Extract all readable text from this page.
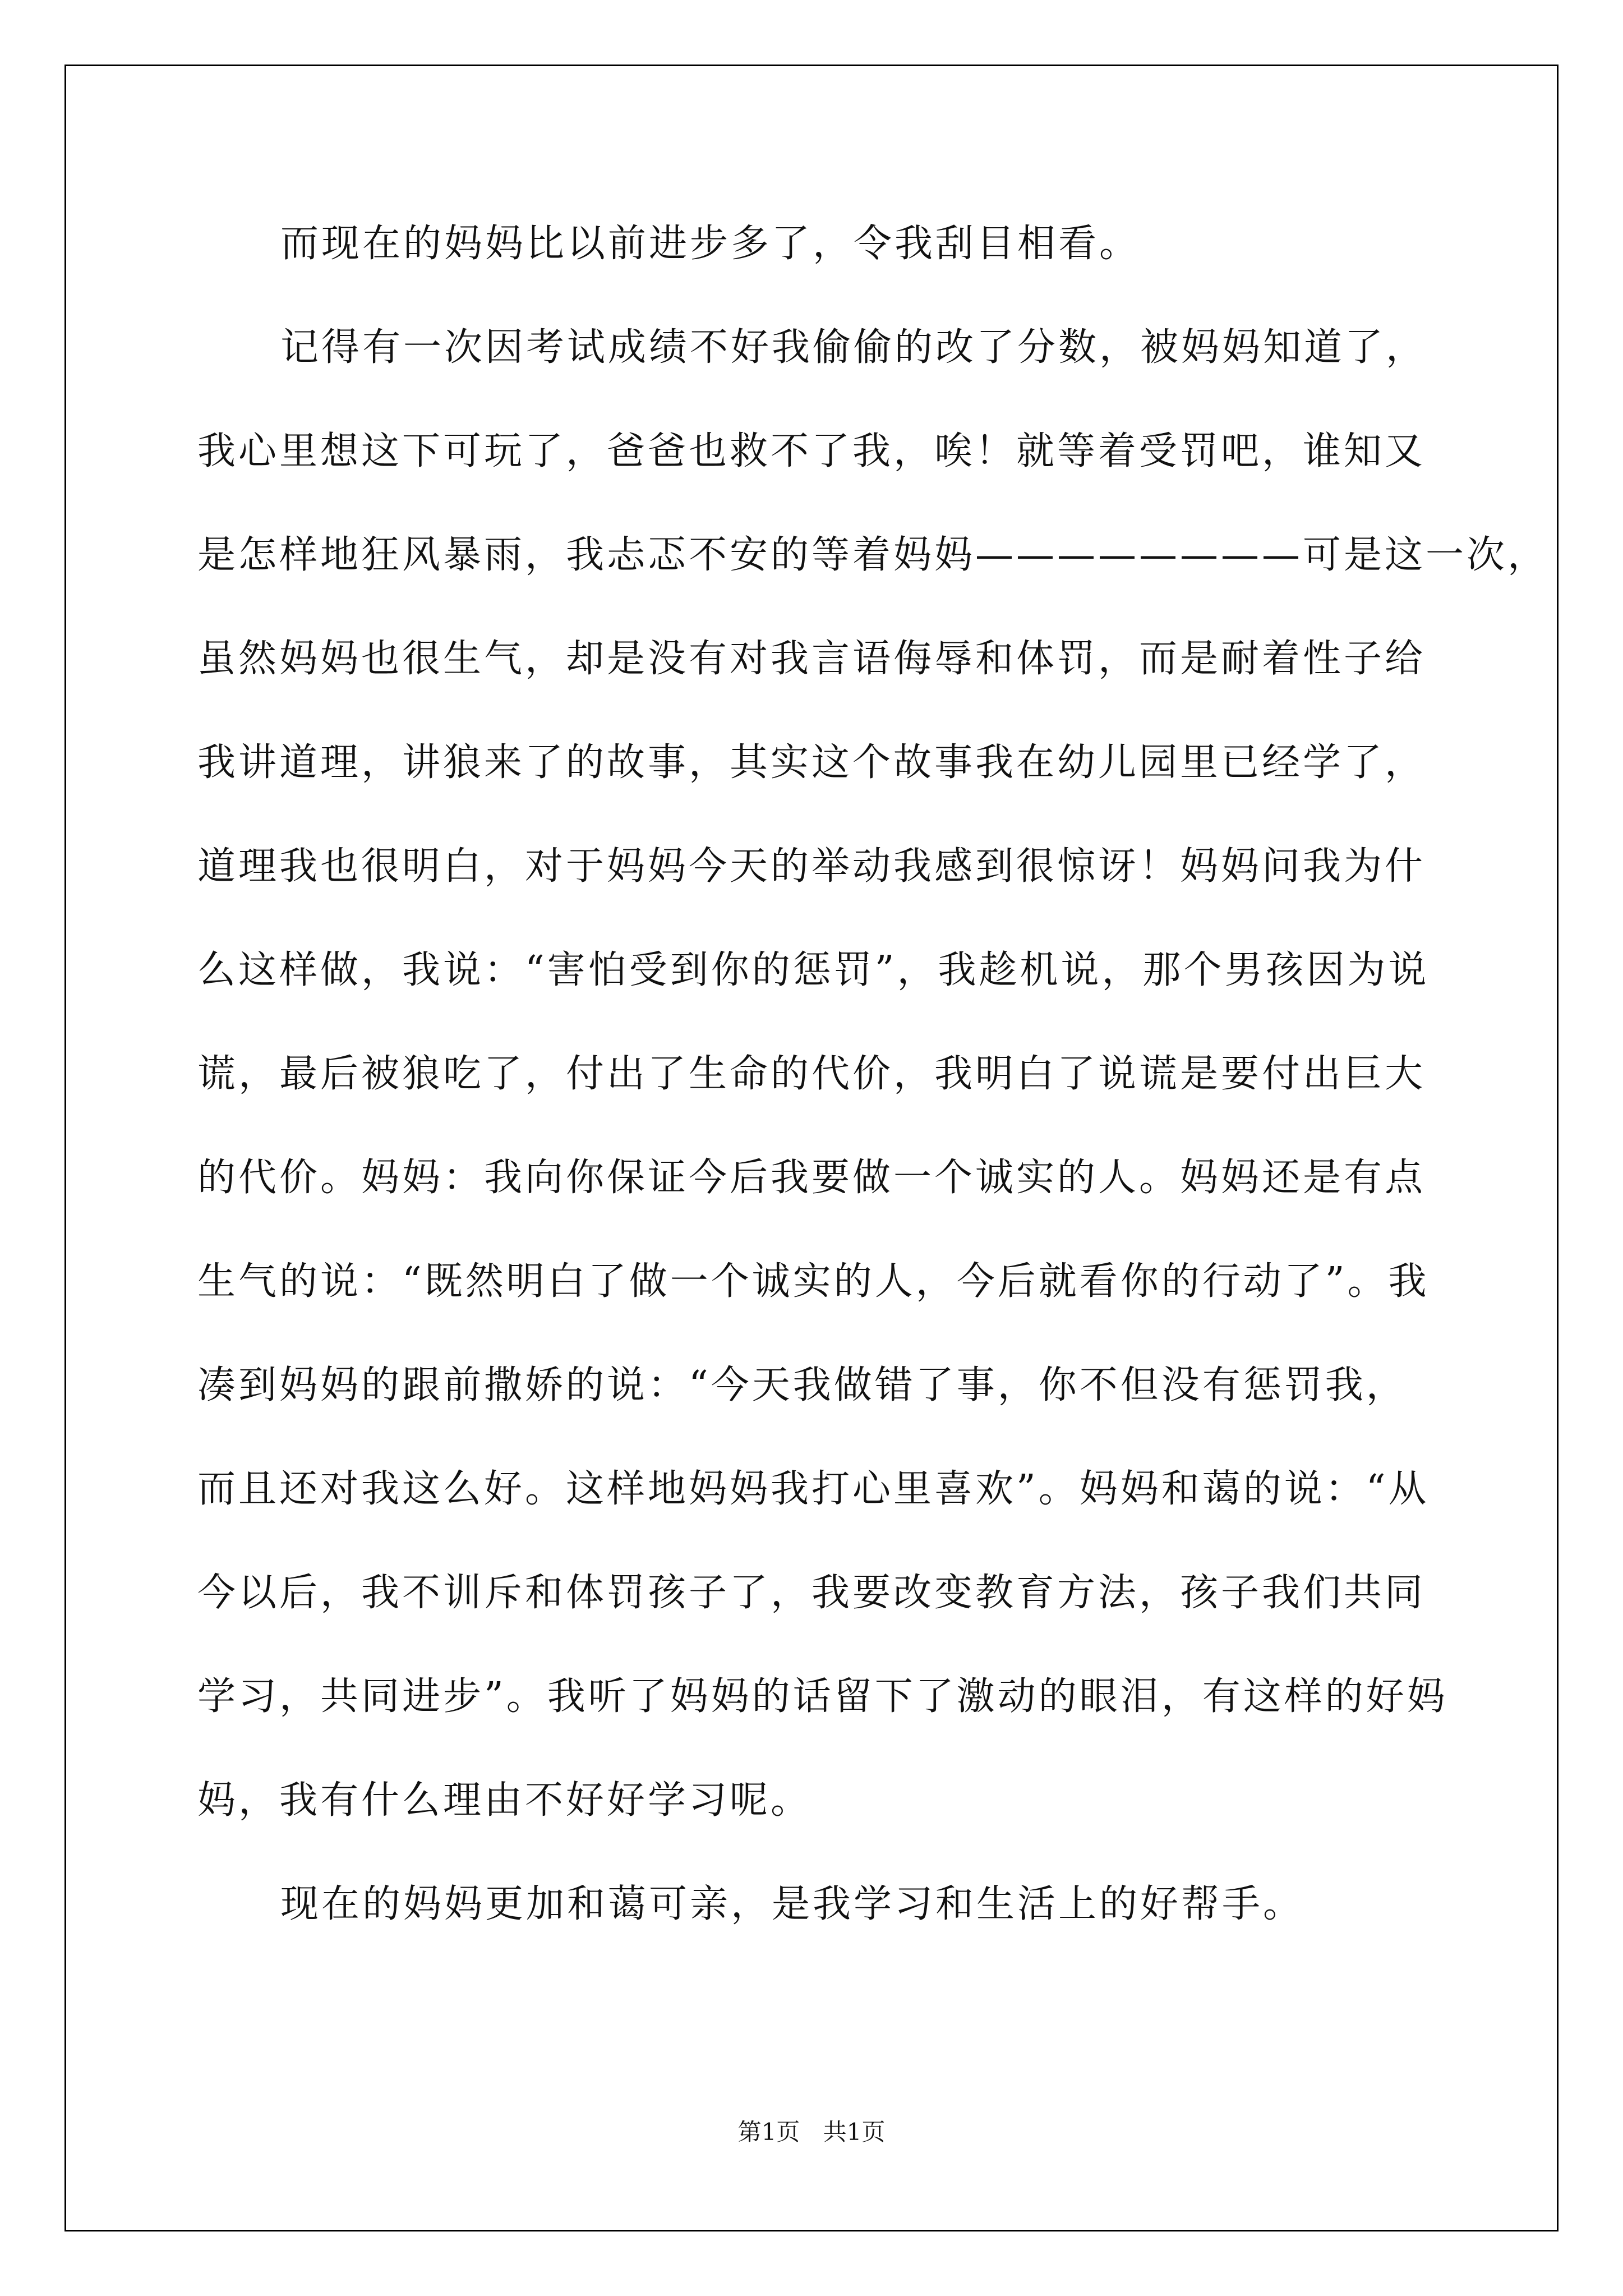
而现在的妈妈比以前进步多了，令我刮目相看。
记得有一次因考试成绩不好我偷偷的改了分数，被妈妈知道了，
我心里想这下可玩了，爸爸也救不了我，唉！就等着受罚吧，谁知又
是怎样地狂风暴雨，我忐忑不安的等着妈妈————————可是这一次，
虽然妈妈也很生气，却是没有对我言语侮辱和体罚，而是耐着性子给
我讲道理，讲狼来了的故事，其实这个故事我在幼儿园里已经学了，
道理我也很明白，对于妈妈今天的举动我感到很惊讶！妈妈问我为什
么这样做，我说：“害怕受到你的惩罚”，我趁机说，那个男孩因为说
谎，最后被狼吃了，付出了生命的代价，我明白了说谎是要付出巨大
的代价。妈妈：我向你保证今后我要做一个诚实的人。妈妈还是有点
生气的说：“既然明白了做一个诚实的人，今后就看你的行动了”。我
凑到妈妈的跟前撒娇的说：“今天我做错了事，你不但没有惩罚我，
而且还对我这么好。这样地妈妈我打心里喜欢”。妈妈和蔼的说：“从
今以后，我不训斥和体罚孩子了，我要改变教育方法，孩子我们共同
学习，共同进步”。我听了妈妈的话留下了激动的眼泪，有这样的好妈
妈，我有什么理由不好好学习呢。
现在的妈妈更加和蔼可亲，是我学习和生活上的好帮手。
第1页 共1页
